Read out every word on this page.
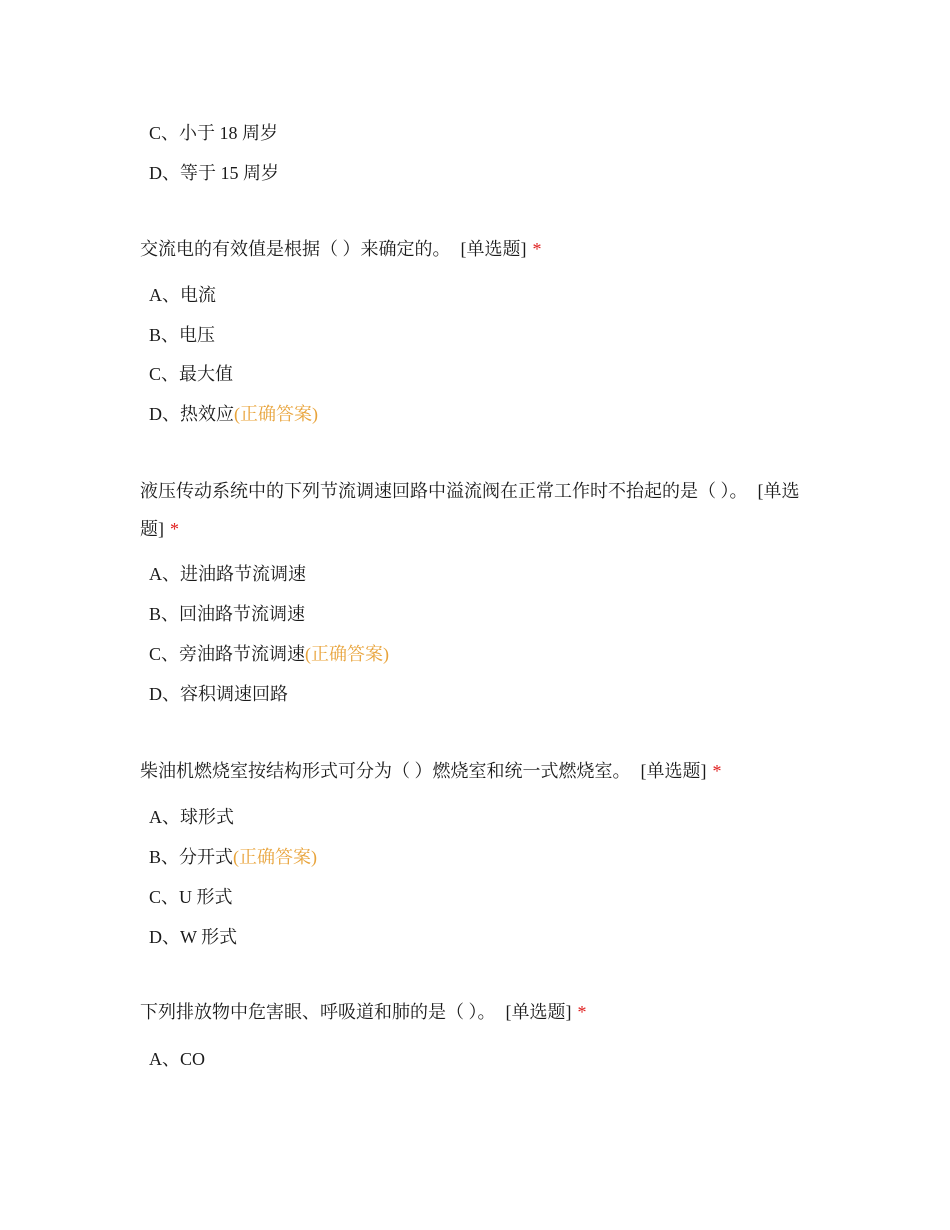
C、小于 18 周岁
D、等于 15 周岁
交流电的有效值是根据（ ）来确定的。 [单选题] *
A、电流
B、电压
C、最大值
D、热效应(正确答案)
液压传动系统中的下列节流调速回路中溢流阀在正常工作时不抬起的是（ ）。 [单选题] *
A、进油路节流调速
B、回油路节流调速
C、旁油路节流调速(正确答案)
D、容积调速回路
柴油机燃烧室按结构形式可分为（ ）燃烧室和统一式燃烧室。 [单选题] *
A、球形式
B、分开式(正确答案)
C、U 形式
D、W 形式
下列排放物中危害眼、呼吸道和肺的是（ ）。 [单选题] *
A、CO
